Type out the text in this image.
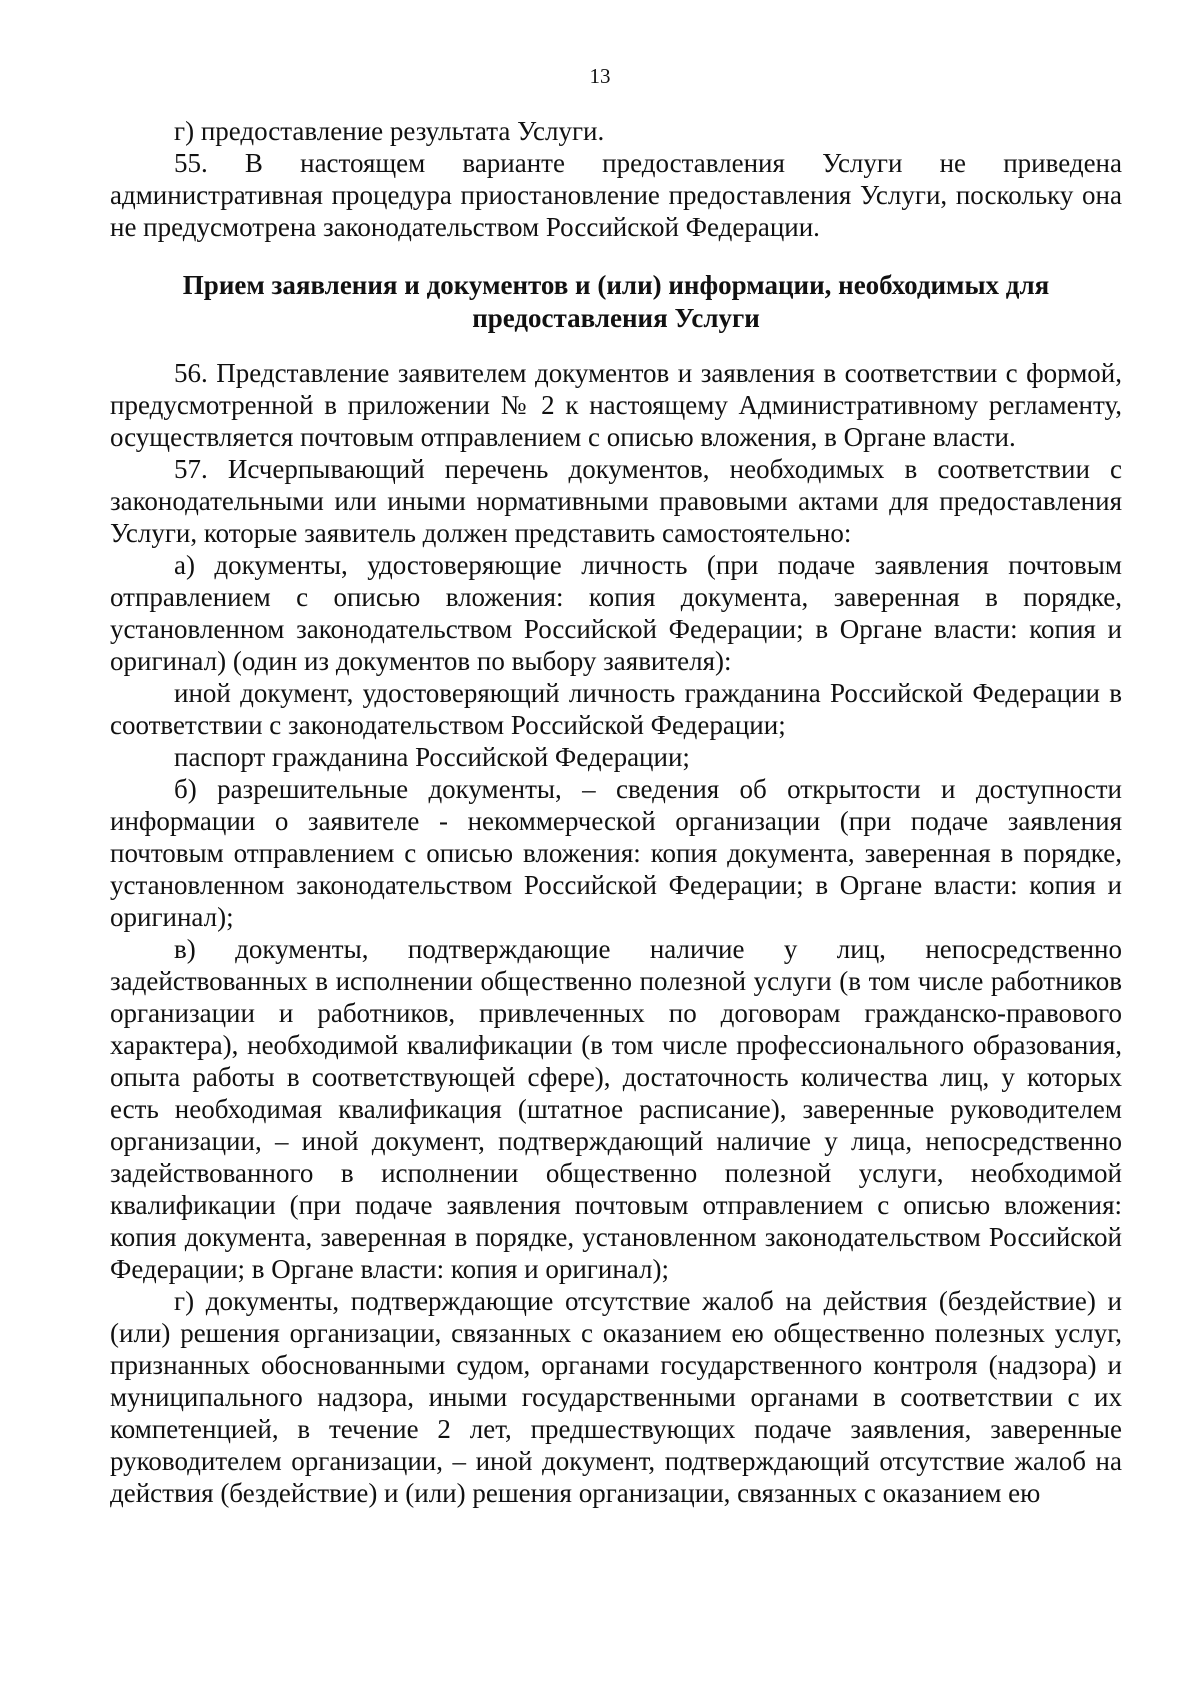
13

г) предоставление результата Услуги.

55. В настоящем варианте предоставления Услуги не приведена административная процедура приостановление предоставления Услуги, поскольку она не предусмотрена законодательством Российской Федерации.

Прием заявления и документов и (или) информации, необходимых для предоставления Услуги

56. Представление заявителем документов и заявления в соответствии с формой, предусмотренной в приложении № 2 к настоящему Административному регламенту, осуществляется почтовым отправлением с описью вложения, в Органе власти.

57. Исчерпывающий перечень документов, необходимых в соответствии с законодательными или иными нормативными правовыми актами для предоставления Услуги, которые заявитель должен представить самостоятельно:

а) документы, удостоверяющие личность (при подаче заявления почтовым отправлением с описью вложения: копия документа, заверенная в порядке, установленном законодательством Российской Федерации; в Органе власти: копия и оригинал) (один из документов по выбору заявителя):

иной документ, удостоверяющий личность гражданина Российской Федерации в соответствии с законодательством Российской Федерации;

паспорт гражданина Российской Федерации;

б) разрешительные документы, – сведения об открытости и доступности информации о заявителе - некоммерческой организации (при подаче заявления почтовым отправлением с описью вложения: копия документа, заверенная в порядке, установленном законодательством Российской Федерации; в Органе власти: копия и оригинал);

в) документы, подтверждающие наличие у лиц, непосредственно задействованных в исполнении общественно полезной услуги (в том числе работников организации и работников, привлеченных по договорам гражданско-правового характера), необходимой квалификации (в том числе профессионального образования, опыта работы в соответствующей сфере), достаточность количества лиц, у которых есть необходимая квалификация (штатное расписание), заверенные руководителем организации, – иной документ, подтверждающий наличие у лица, непосредственно задействованного в исполнении общественно полезной услуги, необходимой квалификации (при подаче заявления почтовым отправлением с описью вложения: копия документа, заверенная в порядке, установленном законодательством Российской Федерации; в Органе власти: копия и оригинал);

г) документы, подтверждающие отсутствие жалоб на действия (бездействие) и (или) решения организации, связанных с оказанием ею общественно полезных услуг, признанных обоснованными судом, органами государственного контроля (надзора) и муниципального надзора, иными государственными органами в соответствии с их компетенцией, в течение 2 лет, предшествующих подаче заявления, заверенные руководителем организации, – иной документ, подтверждающий отсутствие жалоб на действия (бездействие) и (или) решения организации, связанных с оказанием ею
